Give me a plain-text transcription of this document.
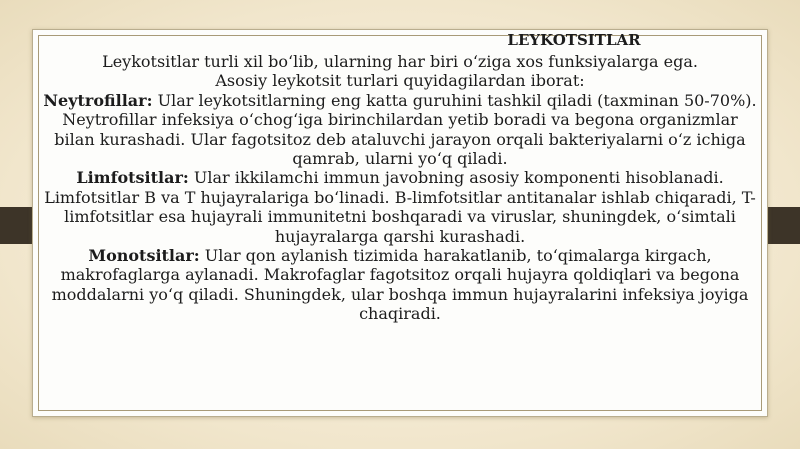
LEYKOTSITLAR

Leykotsitlar turli xil boʻlib, ularning har biri oʻziga xos funksiyalarga ega.
Asosiy leykotsit turlari quyidagilardan iborat:

Neytrofillar: Ular leykotsitlarning eng katta guruhini tashkil qiladi (taxminan 50-70%). Neytrofillar infeksiya oʻchogʻiga birinchilardan yetib boradi va begona organizmlar bilan kurashadi. Ular fagotsitoz deb ataluvchi jarayon orqali bakteriyalarni oʻz ichiga qamrab, ularni yoʻq qiladi.

Limfotsitlar: Ular ikkilamchi immun javobning asosiy komponenti hisoblanadi. Limfotsitlar B va T hujayralariga boʻlinadi. B-limfotsitlar antitanalar ishlab chiqaradi, T-limfotsitlar esa hujayrali immunitetni boshqaradi va viruslar, shuningdek, oʻsimtali hujayralarga qarshi kurashadi.

Monotsitlar: Ular qon aylanish tizimida harakatlanib, toʻqimalarga kirgach, makrofaglarga aylanadi. Makrofaglar fagotsitoz orqali hujayra qoldiqlari va begona moddalarni yoʻq qiladi. Shuningdek, ular boshqa immun hujayralarini infeksiya joyiga chaqiradi.
